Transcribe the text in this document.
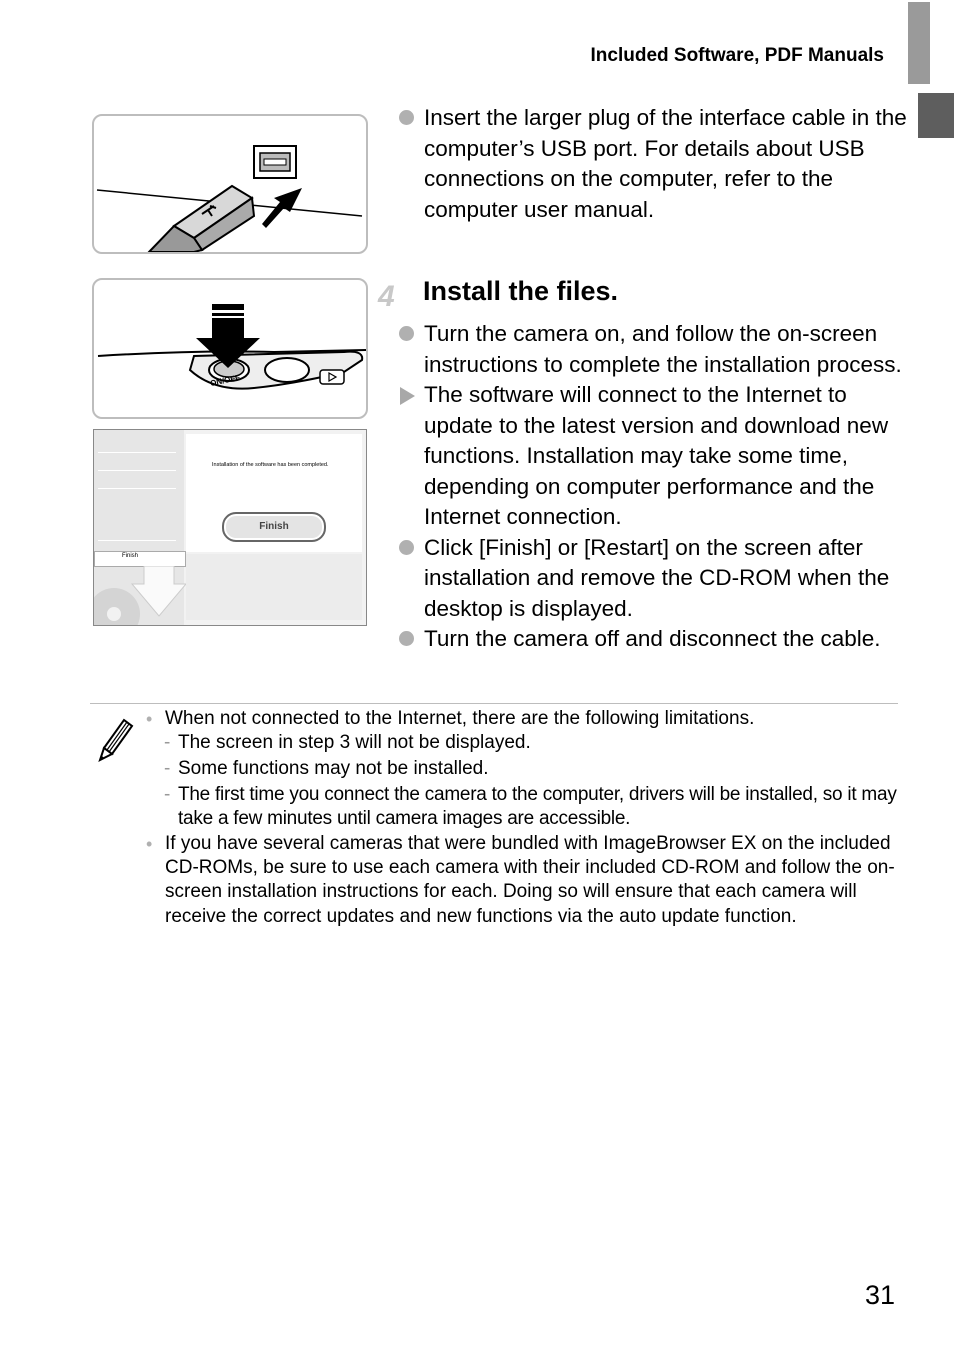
Included Software, PDF Manuals
ON/OFF
Finish
Installation of the software has been completed.
Finish
Insert the larger plug of the interface cable in the computer’s USB port. For details about USB connections on the computer, refer to the computer user manual.
4 Install the files.
Turn the camera on, and follow the on-screen instructions to complete the installation process.
The software will connect to the Internet to update to the latest version and download new functions. Installation may take some time, depending on computer performance and the Internet connection.
Click [Finish] or [Restart] on the screen after installation and remove the CD-ROM when the desktop is displayed.
Turn the camera off and disconnect the cable.
• When not connected to the Internet, there are the following limitations.
- The screen in step 3 will not be displayed.
- Some functions may not be installed.
- The first time you connect the camera to the computer, drivers will be installed, so it may take a few minutes until camera images are accessible.
• If you have several cameras that were bundled with ImageBrowser EX on the included CD-ROMs, be sure to use each camera with their included CD-ROM and follow the on-screen installation instructions for each. Doing so will ensure that each camera will receive the correct updates and new functions via the auto update function.
31
